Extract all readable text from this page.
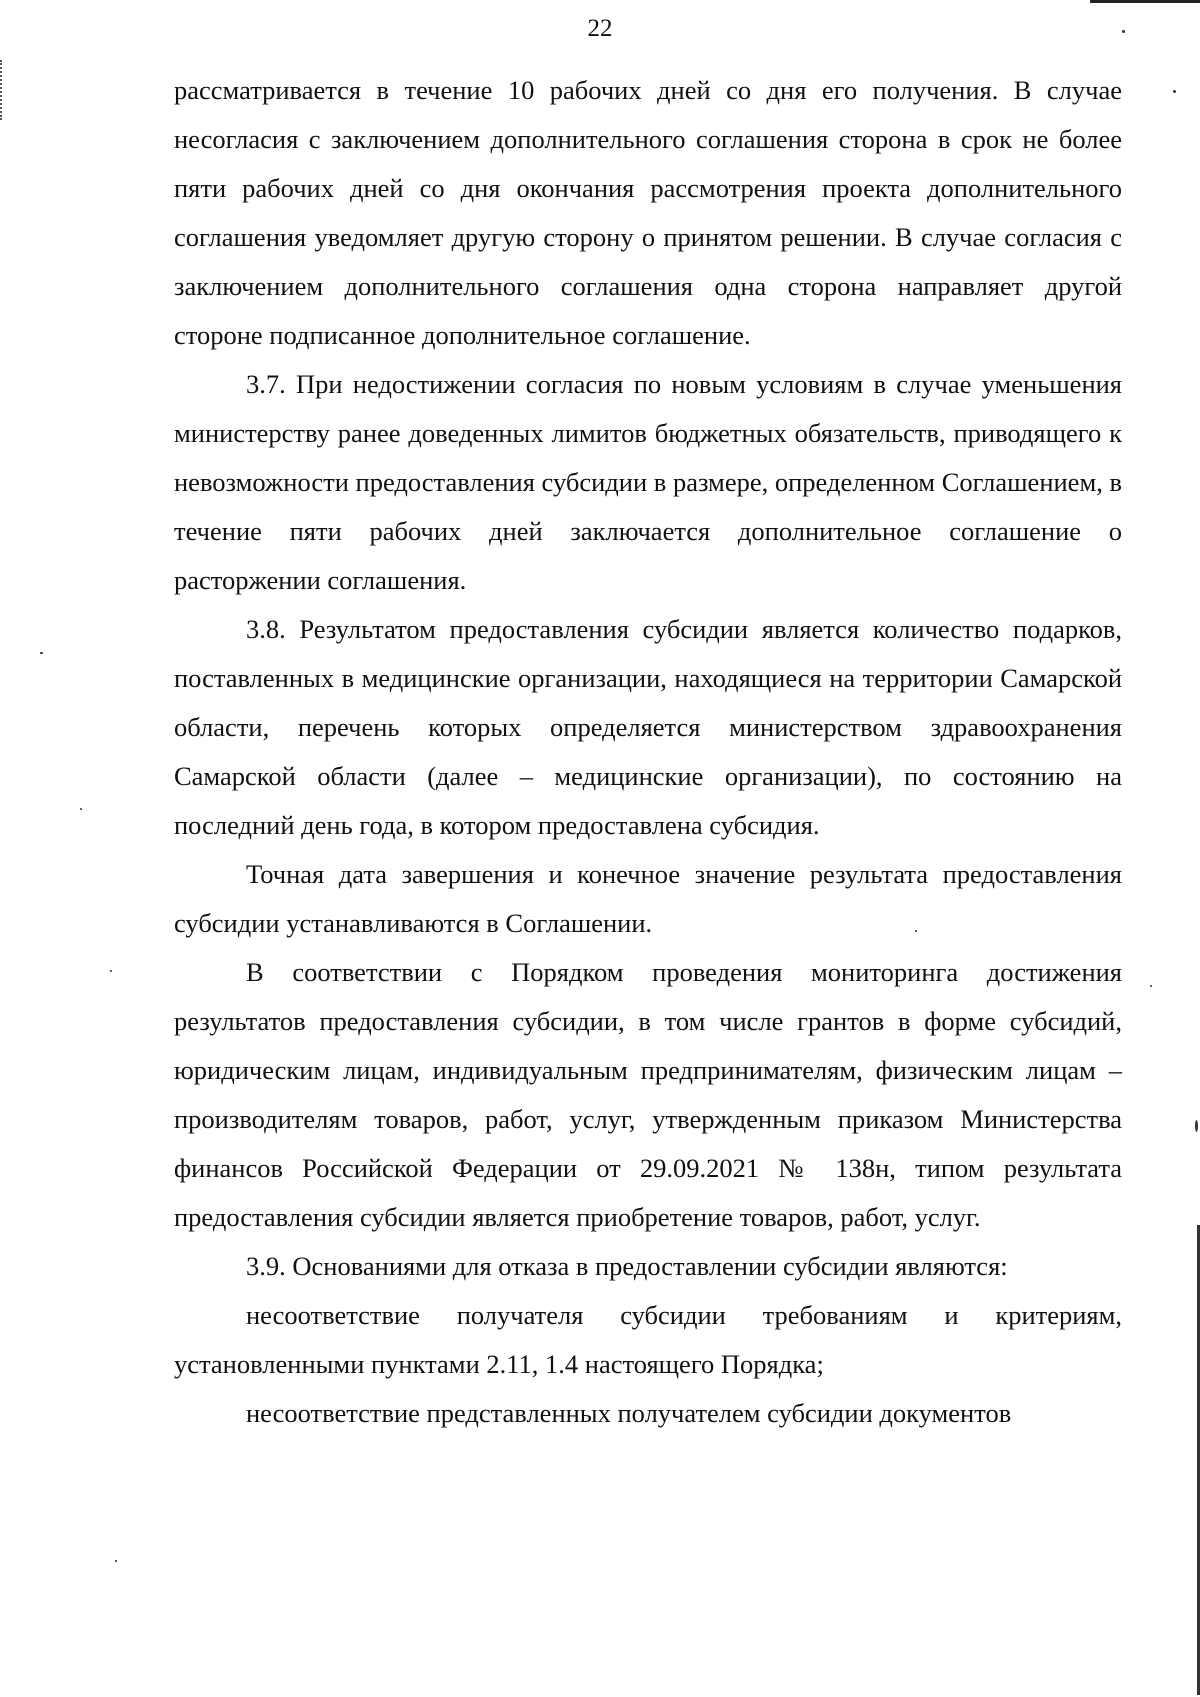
22

рассматривается в течение 10 рабочих дней со дня его получения. В случае несогласия с заключением дополнительного соглашения сторона в срок не более пяти рабочих дней со дня окончания рассмотрения проекта дополнительного соглашения уведомляет другую сторону о принятом решении. В случае согласия с заключением дополнительного соглашения одна сторона направляет другой стороне подписанное дополнительное соглашение.

3.7. При недостижении согласия по новым условиям в случае уменьшения министерству ранее доведенных лимитов бюджетных обязательств, приводящего к невозможности предоставления субсидии в размере, определенном Соглашением, в течение пяти рабочих дней заключается дополнительное соглашение о расторжении соглашения.

3.8. Результатом предоставления субсидии является количество подарков, поставленных в медицинские организации, находящиеся на территории Самарской области, перечень которых определяется министерством здравоохранения Самарской области (далее – медицинские организации), по состоянию на последний день года, в котором предоставлена субсидия.

Точная дата завершения и конечное значение результата предоставления субсидии устанавливаются в Соглашении.

В соответствии с Порядком проведения мониторинга достижения результатов предоставления субсидии, в том числе грантов в форме субсидий, юридическим лицам, индивидуальным предпринимателям, физическим лицам – производителям товаров, работ, услуг, утвержденным приказом Министерства финансов Российской Федерации от 29.09.2021 № 138н, типом результата предоставления субсидии является приобретение товаров, работ, услуг.

3.9. Основаниями для отказа в предоставлении субсидии являются:

несоответствие получателя субсидии требованиям и критериям, установленными пунктами 2.11, 1.4 настоящего Порядка;

несоответствие представленных получателем субсидии документов
